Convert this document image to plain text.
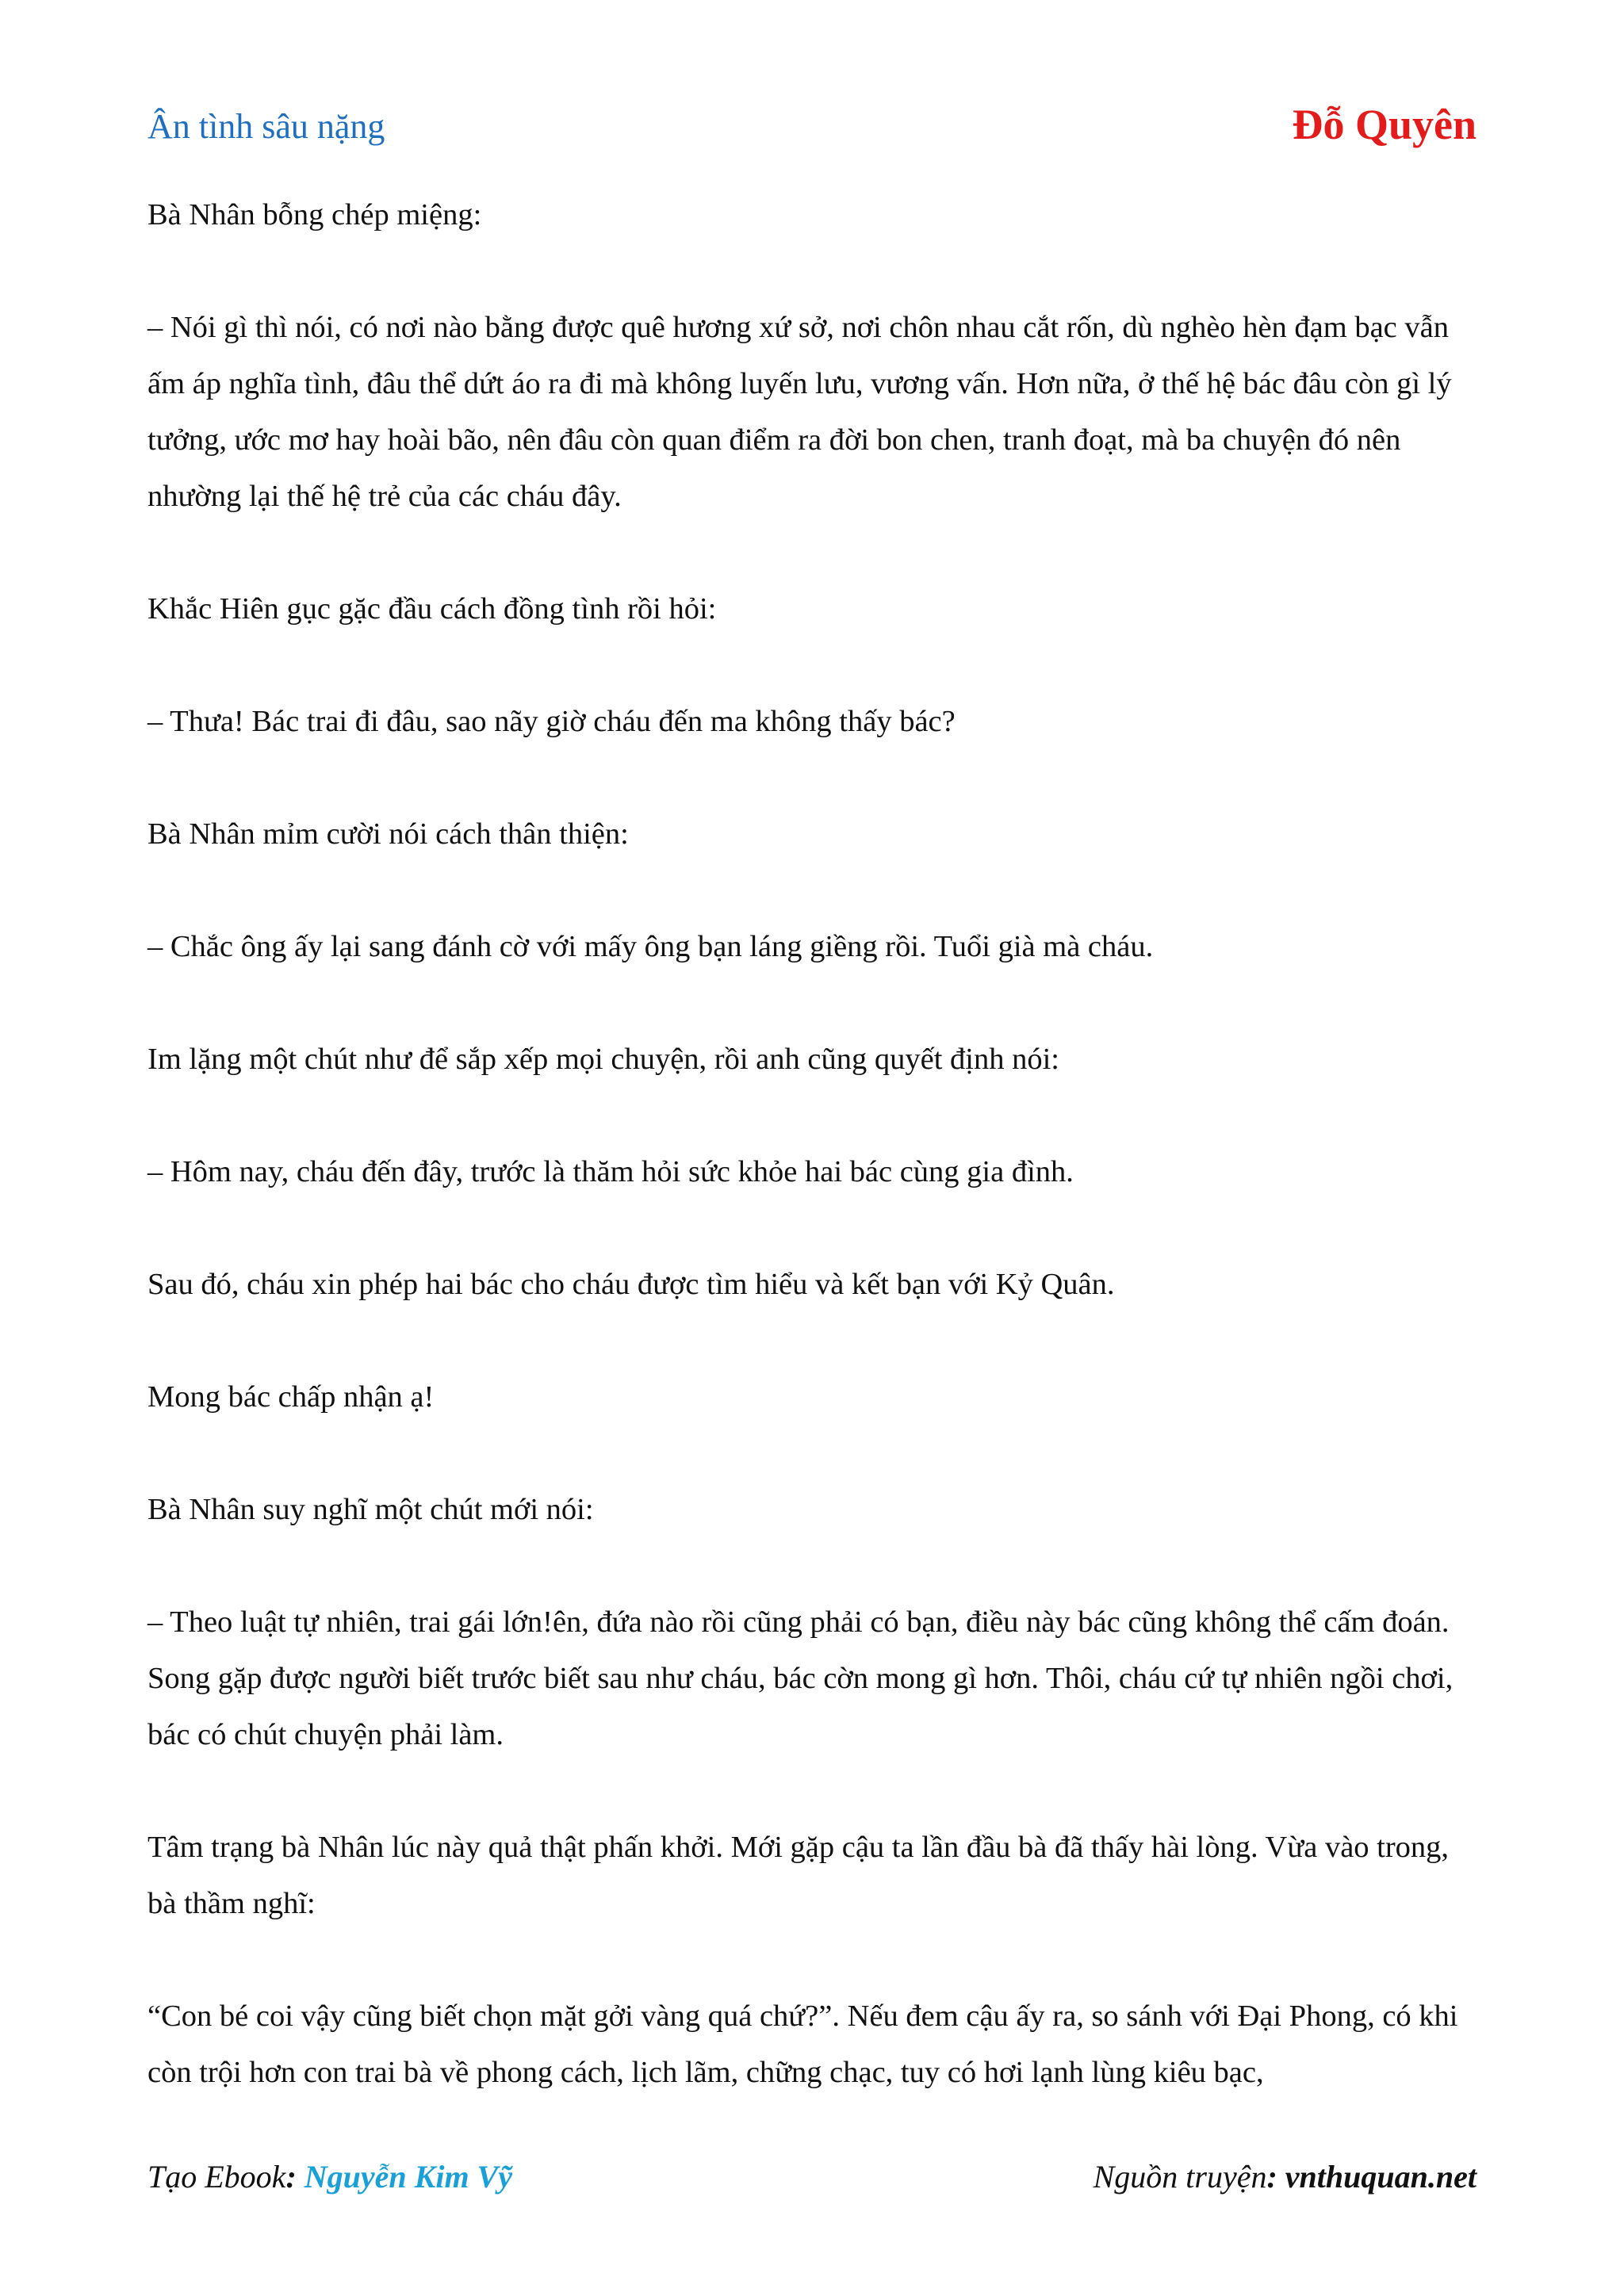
Ân tình sâu nặng	Đỗ Quyên

Bà Nhân bỗng chép miệng:

– Nói gì thì nói, có nơi nào bằng được quê hương xứ sở, nơi chôn nhau cắt rốn, dù nghèo hèn đạm bạc vẫn ấm áp nghĩa tình, đâu thể dứt áo ra đi mà không luyến lưu, vương vấn. Hơn nữa, ở thế hệ bác đâu còn gì lý tưởng, ước mơ hay hoài bão, nên đâu còn quan điểm ra đời bon chen, tranh đoạt, mà ba chuyện đó nên nhường lại thế hệ trẻ của các cháu đây.

Khắc Hiên gục gặc đầu cách đồng tình rồi hỏi:

– Thưa! Bác trai đi đâu, sao nãy giờ cháu đến ma không thấy bác?

Bà Nhân mỉm cười nói cách thân thiện:

– Chắc ông ấy lại sang đánh cờ với mấy ông bạn láng giềng rồi. Tuổi già mà cháu.

Im lặng một chút như để sắp xếp mọi chuyện, rồi anh cũng quyết định nói:

– Hôm nay, cháu đến đây, trước là thăm hỏi sức khỏe hai bác cùng gia đình.

Sau đó, cháu xin phép hai bác cho cháu được tìm hiểu và kết bạn với Kỷ Quân.

Mong bác chấp nhận ạ!

Bà Nhân suy nghĩ một chút mới nói:

– Theo luật tự nhiên, trai gái lớn!ên, đứa nào rồi cũng phải có bạn, điều này bác cũng không thể cấm đoán. Song gặp được người biết trước biết sau như cháu, bác cờn mong gì hơn. Thôi, cháu cứ tự nhiên ngồi chơi, bác có chút chuyện phải làm.

Tâm trạng bà Nhân lúc này quả thật phấn khởi. Mới gặp cậu ta lần đầu bà đã thấy hài lòng. Vừa vào trong, bà thầm nghĩ:

“Con bé coi vậy cũng biết chọn mặt gởi vàng quá chứ?”. Nếu đem cậu ấy ra, so sánh với Đại Phong, có khi còn trội hơn con trai bà về phong cách, lịch lãm, chững chạc, tuy có hơi lạnh lùng kiêu bạc,

Tạo Ebook: Nguyễn Kim Vỹ	Nguồn truyện: vnthuquan.net
